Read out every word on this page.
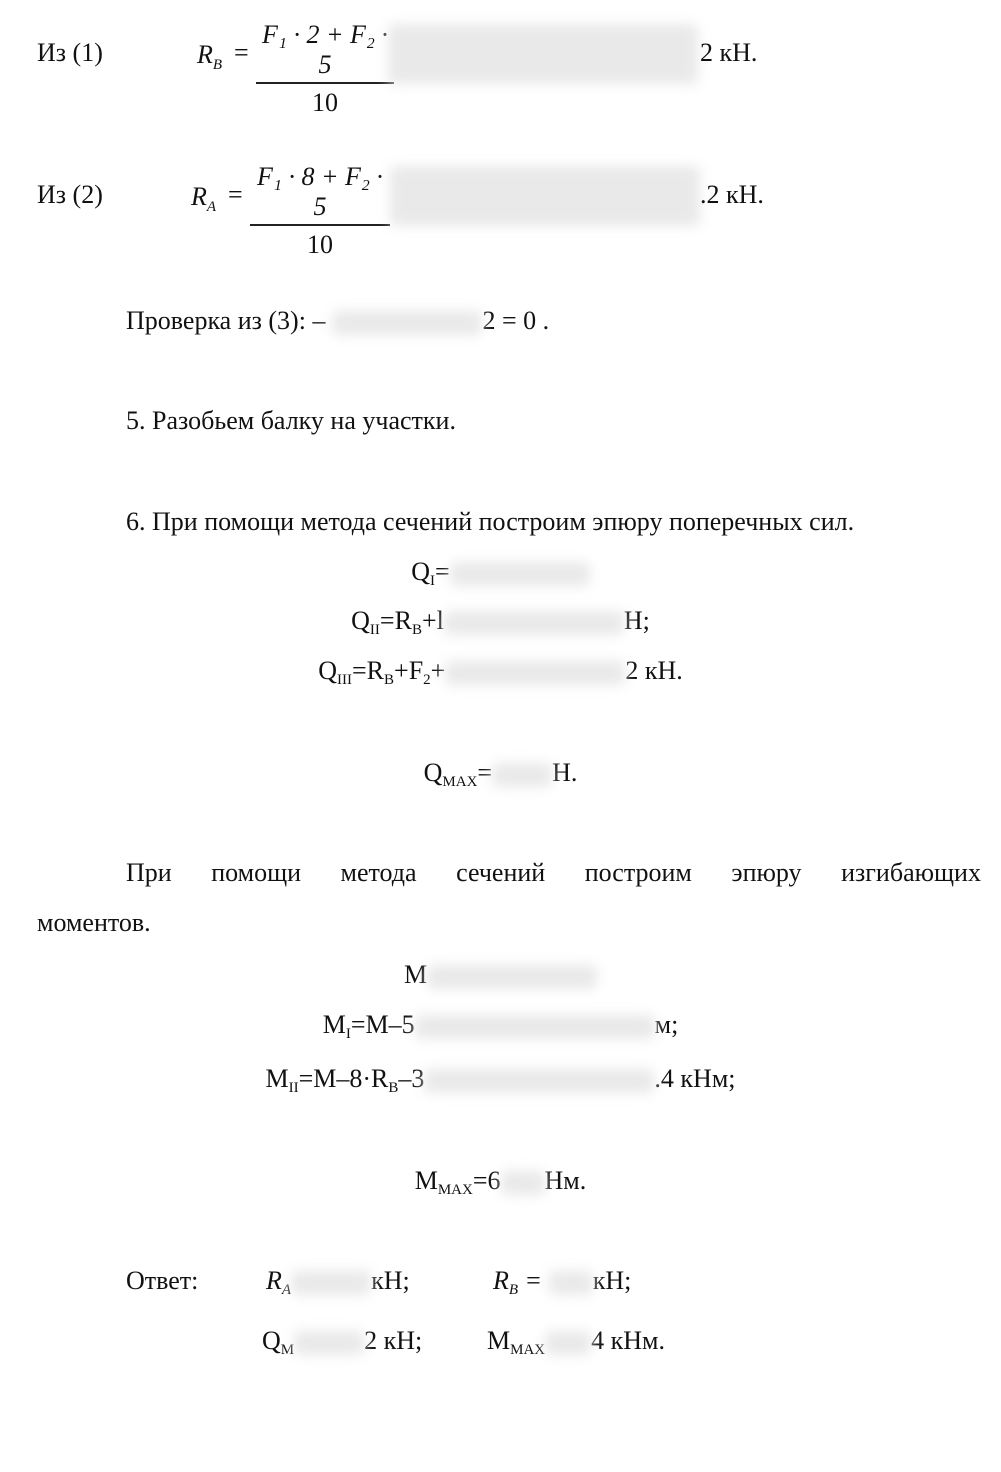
Из (1)	$R_B$ =
F₁ · 2 + F₂ · 5
10
2 кН.
Из (2)	$R_A$ =
F₁ · 8 + F₂ · 5
10
.2 кН.
Проверка из (3): –	2 = 0 .
5. Разобьем балку на участки.
6. При помощи метода сечений построим эпюру поперечных сил.
QI=
QII=RB+l	H;
QIII=RB+F2+	2 кН.
QMAX= H.
При помощи метода сечений построим эпюру изгибающих
моментов.
M
MI=M–5	м;
MII=M–8·RB–3	.4 кНм;
MMAX=6 Нм.
Ответ:	RA	кН;	RB = кН;
QM	2 кН; MMAX 4 кНм.
